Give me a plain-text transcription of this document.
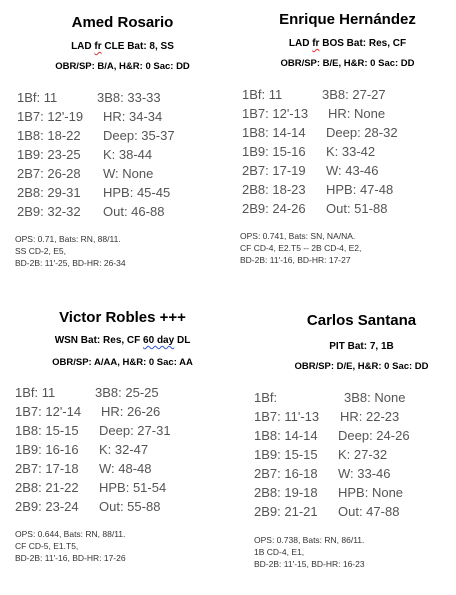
Amed Rosario
LAD fr CLE Bat: 8, SS
OBR/SP: B/A, H&R: 0 Sac: DD
1Bf: 11	3B8: 33-33
1B7: 12'-19	HR: 34-34
1B8: 18-22	Deep: 35-37
1B9: 23-25	K: 38-44
2B7: 26-28	W: None
2B8: 29-31	HPB: 45-45
2B9: 32-32	Out: 46-88
OPS: 0.71, Bats: RN, 88/11.
SS CD-2, E5,
BD-2B: 11'-25, BD-HR: 26-34
Enrique Hernández
LAD fr BOS Bat: Res, CF
OBR/SP: B/E, H&R: 0 Sac: DD
1Bf: 11	3B8: 27-27
1B7: 12'-13	HR: None
1B8: 14-14	Deep: 28-32
1B9: 15-16	K: 33-42
2B7: 17-19	W: 43-46
2B8: 18-23	HPB: 47-48
2B9: 24-26	Out: 51-88
OPS: 0.741, Bats: SN, NA/NA.
CF CD-4, E2.T5 -- 2B CD-4, E2,
BD-2B: 11'-16, BD-HR: 17-27
Victor Robles +++
WSN Bat: Res, CF 60 day DL
OBR/SP: A/AA, H&R: 0 Sac: AA
1Bf: 11	3B8: 25-25
1B7: 12'-14	HR: 26-26
1B8: 15-15	Deep: 27-31
1B9: 16-16	K: 32-47
2B7: 17-18	W: 48-48
2B8: 21-22	HPB: 51-54
2B9: 23-24	Out: 55-88
OPS: 0.644, Bats: RN, 88/11.
CF CD-5, E1.T5,
BD-2B: 11'-16, BD-HR: 17-26
Carlos Santana
PIT Bat: 7, 1B
OBR/SP: D/E, H&R: 0 Sac: DD
1Bf:	3B8: None
1B7: 11'-13	HR: 22-23
1B8: 14-14	Deep: 24-26
1B9: 15-15	K: 27-32
2B7: 16-18	W: 33-46
2B8: 19-18	HPB: None
2B9: 21-21	Out: 47-88
OPS: 0.738, Bats: RN, 86/11.
1B CD-4, E1,
BD-2B: 11'-15, BD-HR: 16-23
